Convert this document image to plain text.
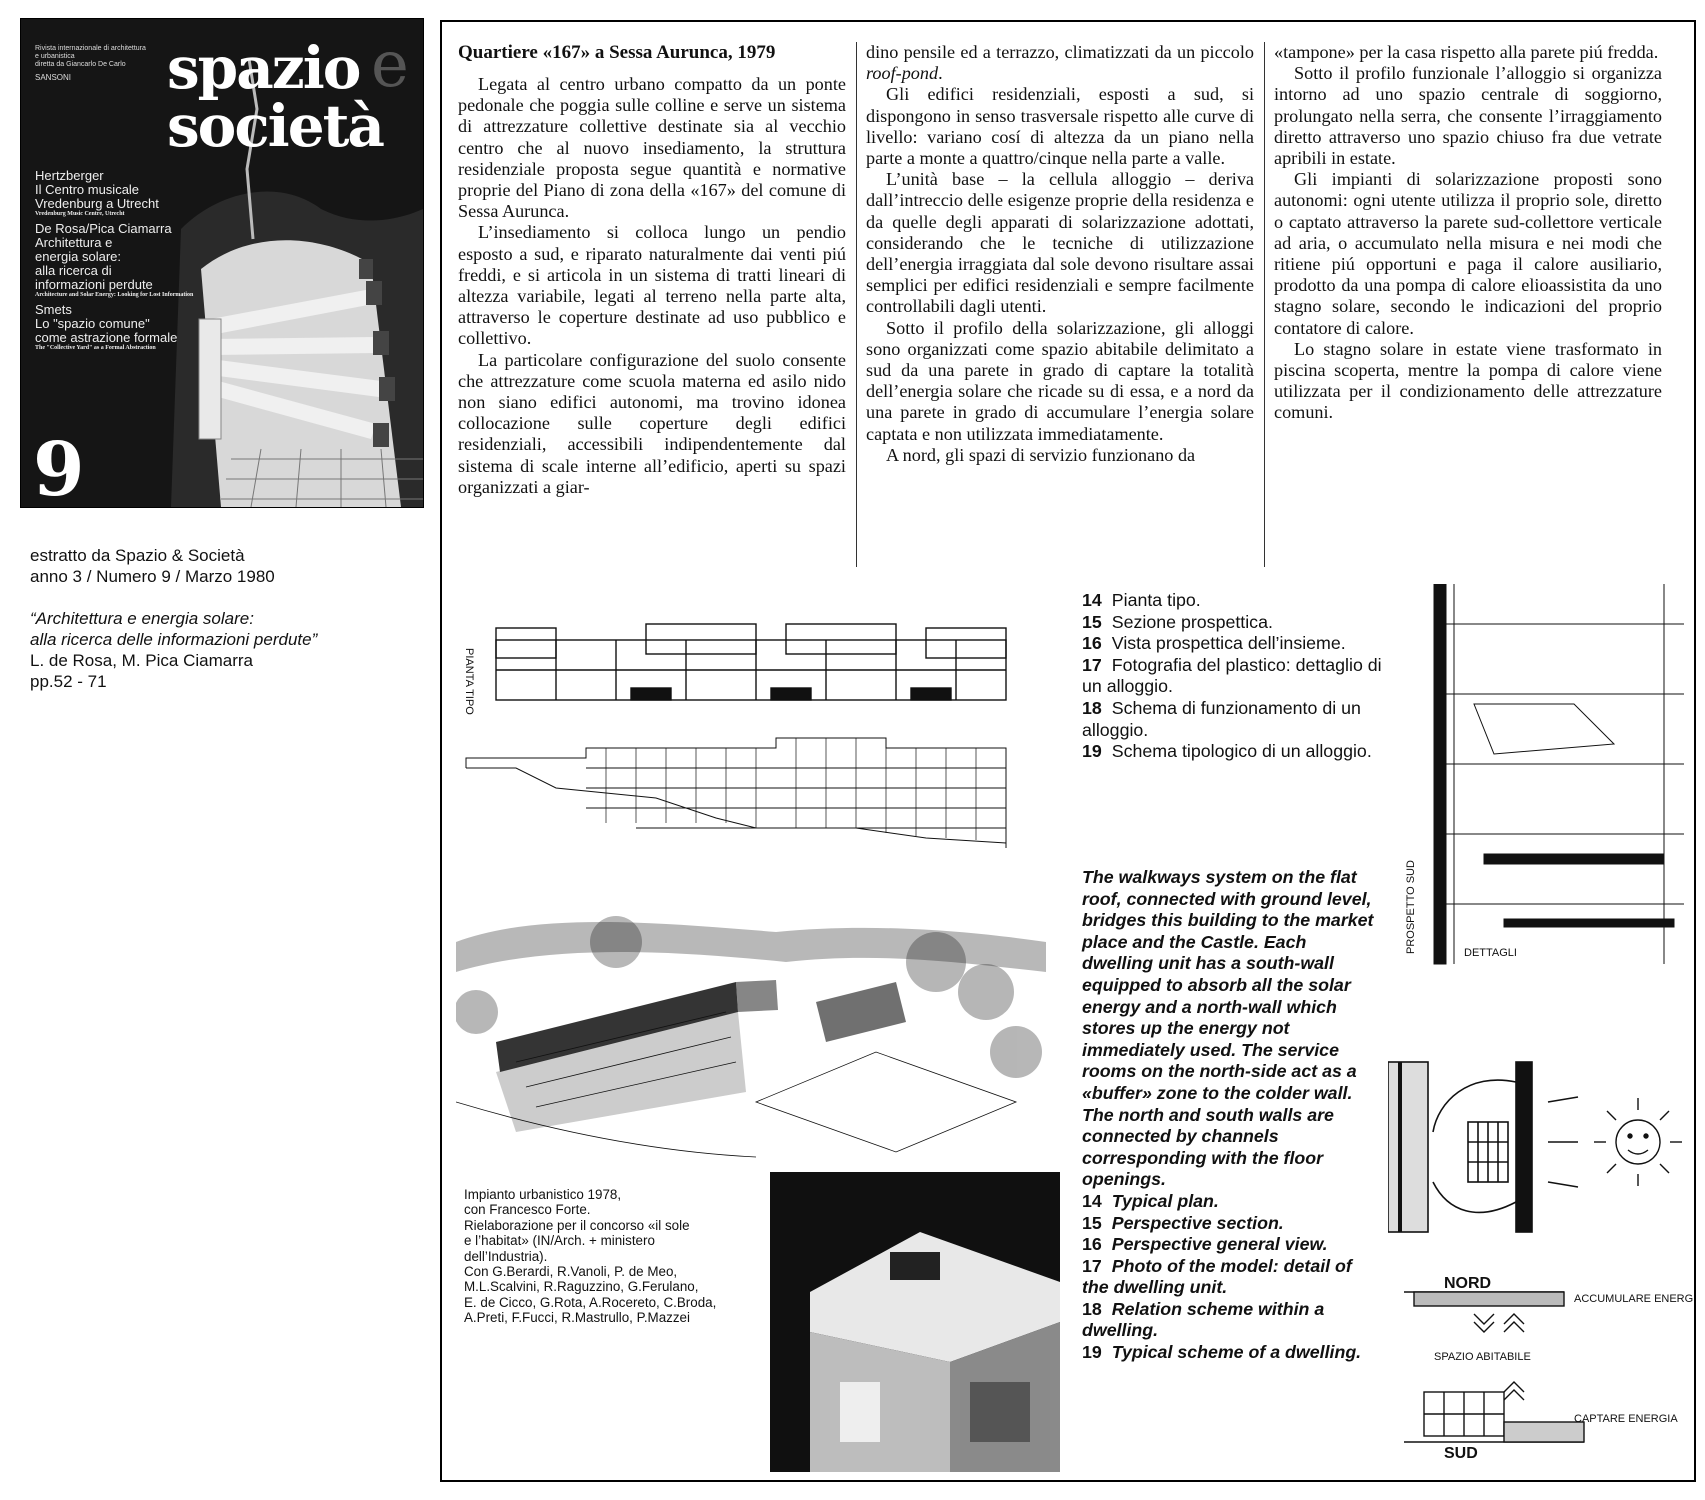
Rivista internazionale di architettura
e urbanistica
diretta da Giancarlo De Carlo
SANSONI spazio e
società
Hertzberger
Il Centro musicale
Vredenburg a Utrecht
Vredenburg Music Centre, Utrecht
De Rosa/Pica Ciamarra
Architettura e
energia solare:
alla ricerca di
informazioni perdute
Architecture and Solar Energy: Looking for Lost Information
Smets
Lo "spazio comune"
come astrazione formale
The "Collective Yard" as a Formal Abstraction
9
estratto da Spazio & Società
anno 3 / Numero 9 / Marzo 1980
“Architettura e energia solare:
alla ricerca delle informazioni perdute”
L. de Rosa, M. Pica Ciamarra
pp.52 - 71
Quartiere «167» a Sessa Aurunca, 1979

Legata al centro urbano compatto da un ponte pedonale che poggia sulle colline e serve un sistema di attrezzature collettive destinate sia al vecchio centro che al nuovo insediamento, la struttura residenziale proposta segue quantità e normative proprie del Piano di zona della «167» del comune di Sessa Aurunca.

L’insediamento si colloca lungo un pendio esposto a sud, e riparato naturalmente dai venti piú freddi, e si articola in un sistema di tratti lineari di altezza variabile, legati al terreno nella parte alta, attraverso le coperture destinate ad uso pubblico e collettivo.

La particolare configurazione del suolo consente che attrezzature come scuola materna ed asilo nido non siano edifici autonomi, ma trovino idonea collocazione sulle coperture degli edifici residenziali, accessibili indipendentemente dal sistema di scale interne all’edificio, aperti su spazi organizzati a giar-

dino pensile ed a terrazzo, climatizzati da un piccolo roof-pond.

Gli edifici residenziali, esposti a sud, si dispongono in senso trasversale rispetto alle curve di livello: variano cosí di altezza da un piano nella parte a monte a quattro/cinque nella parte a valle.

L’unità base – la cellula alloggio – deriva dall’intreccio delle esigenze proprie della residenza e da quelle degli apparati di solarizzazione adottati, considerando che le tecniche di utilizzazione dell’energia irraggiata dal sole devono risultare assai semplici per edifici residenziali e sempre facilmente controllabili dagli utenti.

Sotto il profilo della solarizzazione, gli alloggi sono organizzati come spazio abitabile delimitato a sud da una parete in grado di captare la totalità dell’energia solare che ricade su di essa, e a nord da una parete in grado di accumulare l’energia solare captata e non utilizzata immediatamente.

A nord, gli spazi di servizio funzionano da

«tampone» per la casa rispetto alla parete piú fredda.

Sotto il profilo funzionale l’alloggio si organizza intorno ad uno spazio centrale di soggiorno, prolungato nella serra, che consente l’irraggiamento diretto attraverso uno spazio chiuso fra due vetrate apribili in estate.

Gli impianti di solarizzazione proposti sono autonomi: ogni utente utilizza il proprio sole, diretto o captato attraverso la parete sud-collettore verticale ad aria, o accumulato nella misura e nei modi che ritiene piú opportuni e paga il calore ausiliario, prodotto da una pompa di calore elioassistita da uno stagno solare, secondo le indicazioni del proprio contatore di calore.

Lo stagno solare in estate viene trasformato in piscina scoperta, mentre la pompa di calore viene utilizzata per il condizionamento delle attrezzature comuni.

PIANTA TIPO
Impianto urbanistico 1978,
con Francesco Forte.
Rielaborazione per il concorso «il sole
e l’habitat» (IN/Arch. + ministero
dell’Industria).
Con G.Berardi, R.Vanoli, P. de Meo,
M.L.Scalvini, R.Raguzzino, G.Ferulano,
E. de Cicco, G.Rota, A.Rocereto, C.Broda,
A.Preti, F.Fucci, R.Mastrullo, P.Mazzei
14 Pianta tipo.
15 Sezione prospettica.
16 Vista prospettica dell’insieme.
17 Fotografia del plastico: dettaglio di un alloggio.
18 Schema di funzionamento di un alloggio.
19 Schema tipologico di un alloggio.
The walkways system on the flat roof, connected with ground level, bridges this building to the market place and the Castle. Each dwelling unit has a south-wall equipped to absorb all the solar energy and a north-wall which stores up the energy not immediately used. The service rooms on the north-side act as a «buffer» zone to the colder wall. The north and south walls are connected by channels corresponding with the floor openings.
14 Typical plan.
15 Perspective section.
16 Perspective general view.
17 Photo of the model: detail of the dwelling unit.
18 Relation scheme within a dwelling.
19 Typical scheme of a dwelling.
PROSPETTO SUD	DETTAGLI
NORD
ACCUMULARE ENERGIA
SPAZIO ABITABILE
CAPTARE ENERGIA
SUD
